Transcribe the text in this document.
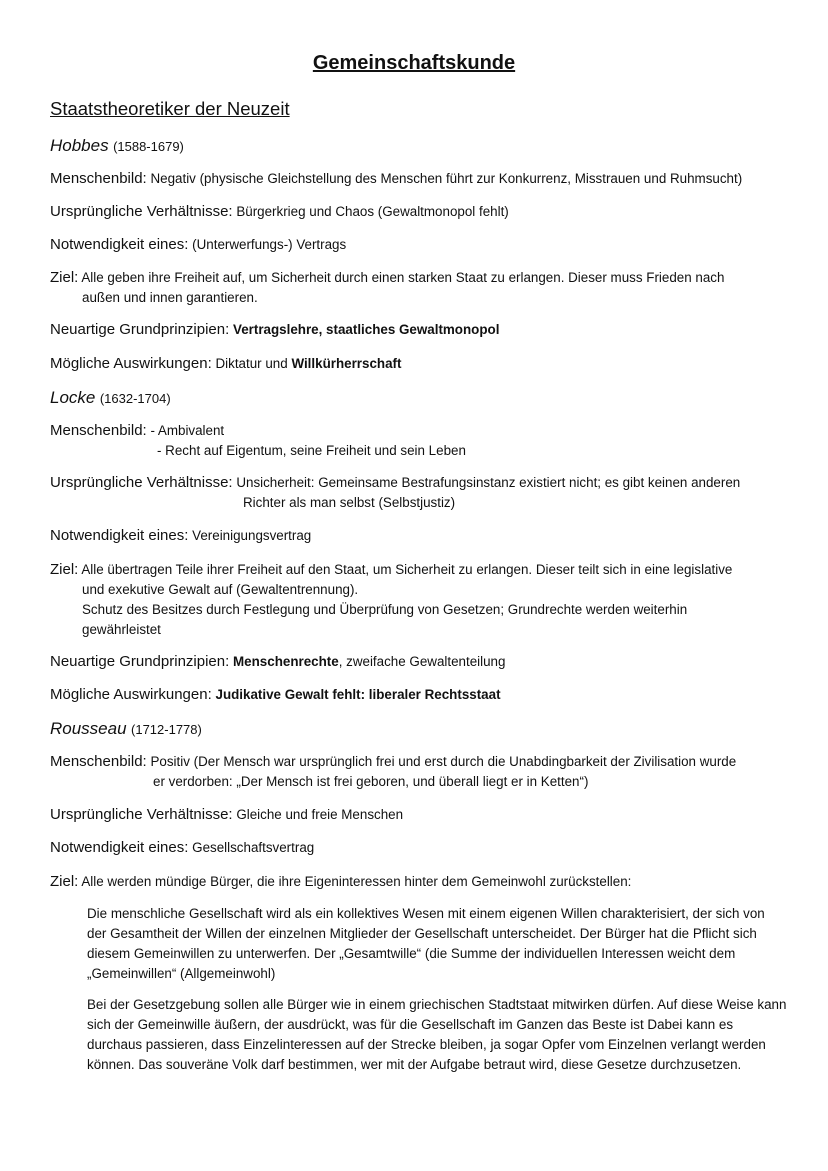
Gemeinschaftskunde
Staatstheoretiker der Neuzeit
Hobbes (1588-1679)
Menschenbild: Negativ (physische Gleichstellung des Menschen führt zur Konkurrenz, Misstrauen und Ruhmsucht)
Ursprüngliche Verhältnisse: Bürgerkrieg und Chaos (Gewaltmonopol fehlt)
Notwendigkeit eines: (Unterwerfungs-) Vertrags
Ziel: Alle geben ihre Freiheit auf, um Sicherheit durch einen starken Staat zu erlangen. Dieser muss Frieden nach
außen und innen garantieren.
Neuartige Grundprinzipien: Vertragslehre, staatliches Gewaltmonopol
Mögliche Auswirkungen: Diktatur und Willkürherrschaft
Locke (1632-1704)
Menschenbild: - Ambivalent
- Recht auf Eigentum, seine Freiheit und sein Leben
Ursprüngliche Verhältnisse: Unsicherheit: Gemeinsame Bestrafungsinstanz existiert nicht; es gibt keinen anderen
Richter als man selbst (Selbstjustiz)
Notwendigkeit eines: Vereinigungsvertrag
Ziel: Alle übertragen Teile ihrer Freiheit auf den Staat, um Sicherheit zu erlangen. Dieser teilt sich in eine legislative
und exekutive Gewalt auf (Gewaltentrennung).
Schutz des Besitzes durch Festlegung und Überprüfung von Gesetzen; Grundrechte werden weiterhin
gewährleistet
Neuartige Grundprinzipien: Menschenrechte, zweifache Gewaltenteilung
Mögliche Auswirkungen: Judikative Gewalt fehlt: liberaler Rechtsstaat
Rousseau (1712-1778)
Menschenbild: Positiv (Der Mensch war ursprünglich frei und erst durch die Unabdingbarkeit der Zivilisation wurde
er verdorben: „Der Mensch ist frei geboren, und überall liegt er in Ketten“)
Ursprüngliche Verhältnisse: Gleiche und freie Menschen
Notwendigkeit eines: Gesellschaftsvertrag
Ziel: Alle werden mündige Bürger, die ihre Eigeninteressen hinter dem Gemeinwohl zurückstellen:
Die menschliche Gesellschaft wird als ein kollektives Wesen mit einem eigenen Willen charakterisiert, der sich von der Gesamtheit der Willen der einzelnen Mitglieder der Gesellschaft unterscheidet. Der Bürger hat die Pflicht sich diesem Gemeinwillen zu unterwerfen. Der „Gesamtwille“ (die Summe der individuellen Interessen weicht dem „Gemeinwillen“ (Allgemeinwohl)
Bei der Gesetzgebung sollen alle Bürger wie in einem griechischen Stadtstaat mitwirken dürfen. Auf diese Weise kann sich der Gemeinwille äußern, der ausdrückt, was für die Gesellschaft im Ganzen das Beste ist Dabei kann es durchaus passieren, dass Einzelinteressen auf der Strecke bleiben, ja sogar Opfer vom Einzelnen verlangt werden können. Das souveräne Volk darf bestimmen, wer mit der Aufgabe betraut wird, diese Gesetze durchzusetzen.
